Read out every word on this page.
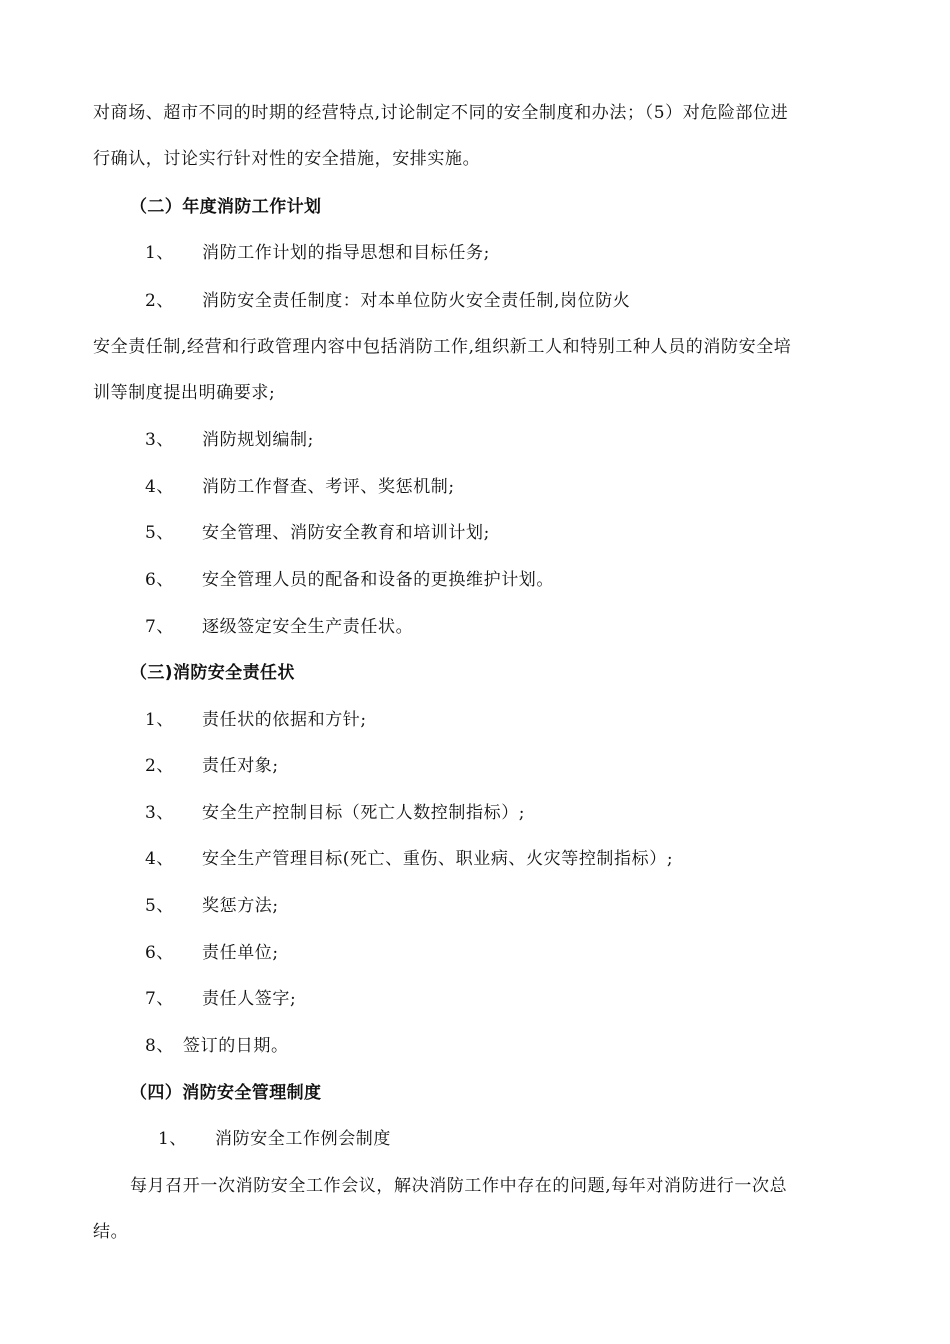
对商场、超市不同的时期的经营特点,讨论制定不同的安全制度和办法；（5）对危险部位进
行确认，讨论实行针对性的安全措施，安排实施。
（二）年度消防工作计划
1、 消防工作计划的指导思想和目标任务;
2、 消防安全责任制度：对本单位防火安全责任制,岗位防火
安全责任制,经营和行政管理内容中包括消防工作,组织新工人和特别工种人员的消防安全培
训等制度提出明确要求;
3、 消防规划编制;
4、 消防工作督查、考评、奖惩机制;
5、 安全管理、消防安全教育和培训计划;
6、 安全管理人员的配备和设备的更换维护计划。
7、 逐级签定安全生产责任状。
（三)消防安全责任状
1、 责任状的依据和方针;
2、 责任对象;
3、 安全生产控制目标（死亡人数控制指标）;
4、 安全生产管理目标(死亡、重伤、职业病、火灾等控制指标）;
5、 奖惩方法;
6、 责任单位;
7、 责任人签字;
8、 签订的日期。
（四）消防安全管理制度
1、 消防安全工作例会制度
每月召开一次消防安全工作会议，解决消防工作中存在的问题,每年对消防进行一次总
结。
